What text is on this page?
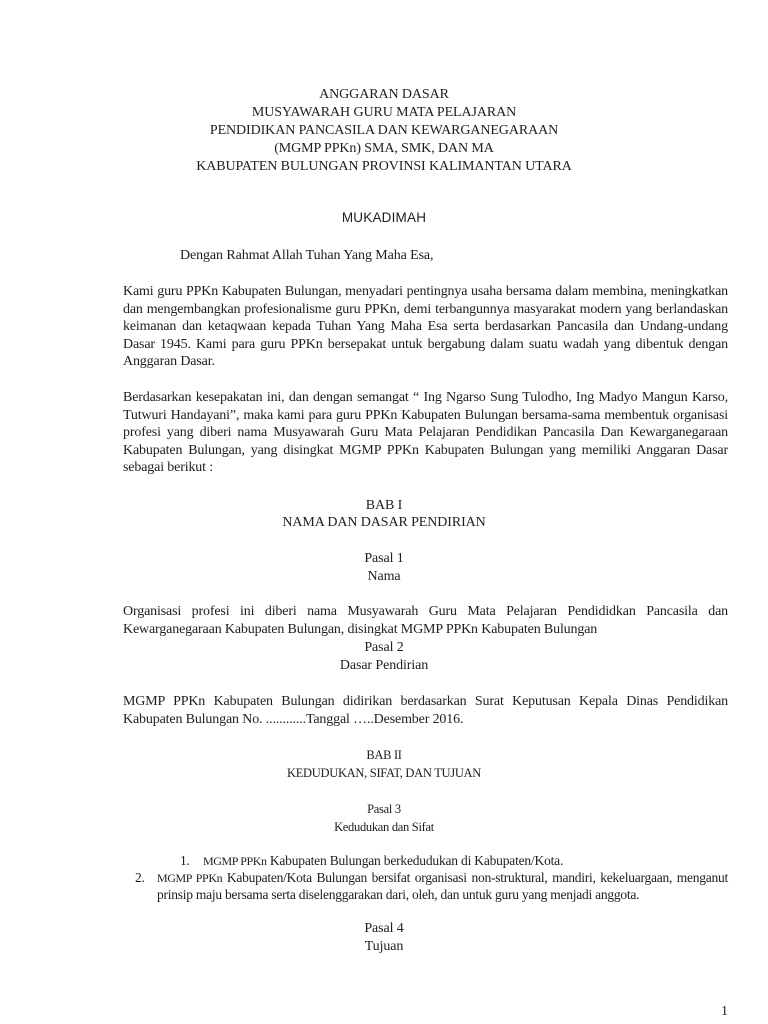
ANGGARAN DASAR

MUSYAWARAH GURU MATA PELAJARAN

PENDIDIKAN PANCASILA DAN KEWARGANEGARAAN

(MGMP PPKn) SMA, SMK, DAN MA

KABUPATEN BULUNGAN PROVINSI KALIMANTAN UTARA

MUKADIMAH

Dengan Rahmat Allah Tuhan Yang Maha Esa,

Kami guru PPKn Kabupaten Bulungan, menyadari pentingnya usaha bersama dalam membina, meningkatkan dan mengembangkan profesionalisme guru PPKn, demi terbangunnya masyarakat modern yang berlandaskan keimanan dan ketaqwaan kepada Tuhan Yang Maha Esa serta berdasarkan Pancasila dan Undang-undang Dasar 1945. Kami para guru PPKn bersepakat untuk bergabung dalam suatu wadah yang dibentuk dengan Anggaran Dasar.

Berdasarkan kesepakatan ini, dan dengan semangat “ Ing Ngarso Sung Tulodho, Ing Madyo Mangun Karso, Tutwuri Handayani”, maka kami para guru PPKn Kabupaten Bulungan bersama-sama membentuk organisasi profesi yang diberi nama Musyawarah Guru Mata Pelajaran Pendidikan Pancasila Dan Kewarganegaraan Kabupaten Bulungan, yang disingkat MGMP PPKn Kabupaten Bulungan yang memiliki Anggaran Dasar sebagai berikut :

BAB I

NAMA DAN DASAR PENDIRIAN

Pasal 1

Nama

Organisasi profesi ini diberi nama Musyawarah Guru Mata Pelajaran Pendididkan Pancasila dan Kewarganegaraan Kabupaten Bulungan, disingkat MGMP PPKn Kabupaten Bulungan

Pasal 2

Dasar Pendirian

MGMP PPKn Kabupaten Bulungan didirikan berdasarkan Surat Keputusan Kepala Dinas Pendidikan Kabupaten Bulungan No. ............Tanggal …..Desember 2016.

BAB II

KEDUDUKAN, SIFAT, DAN TUJUAN

Pasal 3

Kedudukan dan Sifat

1. MGMP PPKn Kabupaten Bulungan berkedudukan di Kabupaten/Kota.

2. MGMP PPKn Kabupaten/Kota Bulungan bersifat organisasi non-struktural, mandiri, kekeluargaan, menganut prinsip maju bersama serta diselenggarakan dari, oleh, dan untuk guru yang menjadi anggota.

Pasal 4

Tujuan

1
